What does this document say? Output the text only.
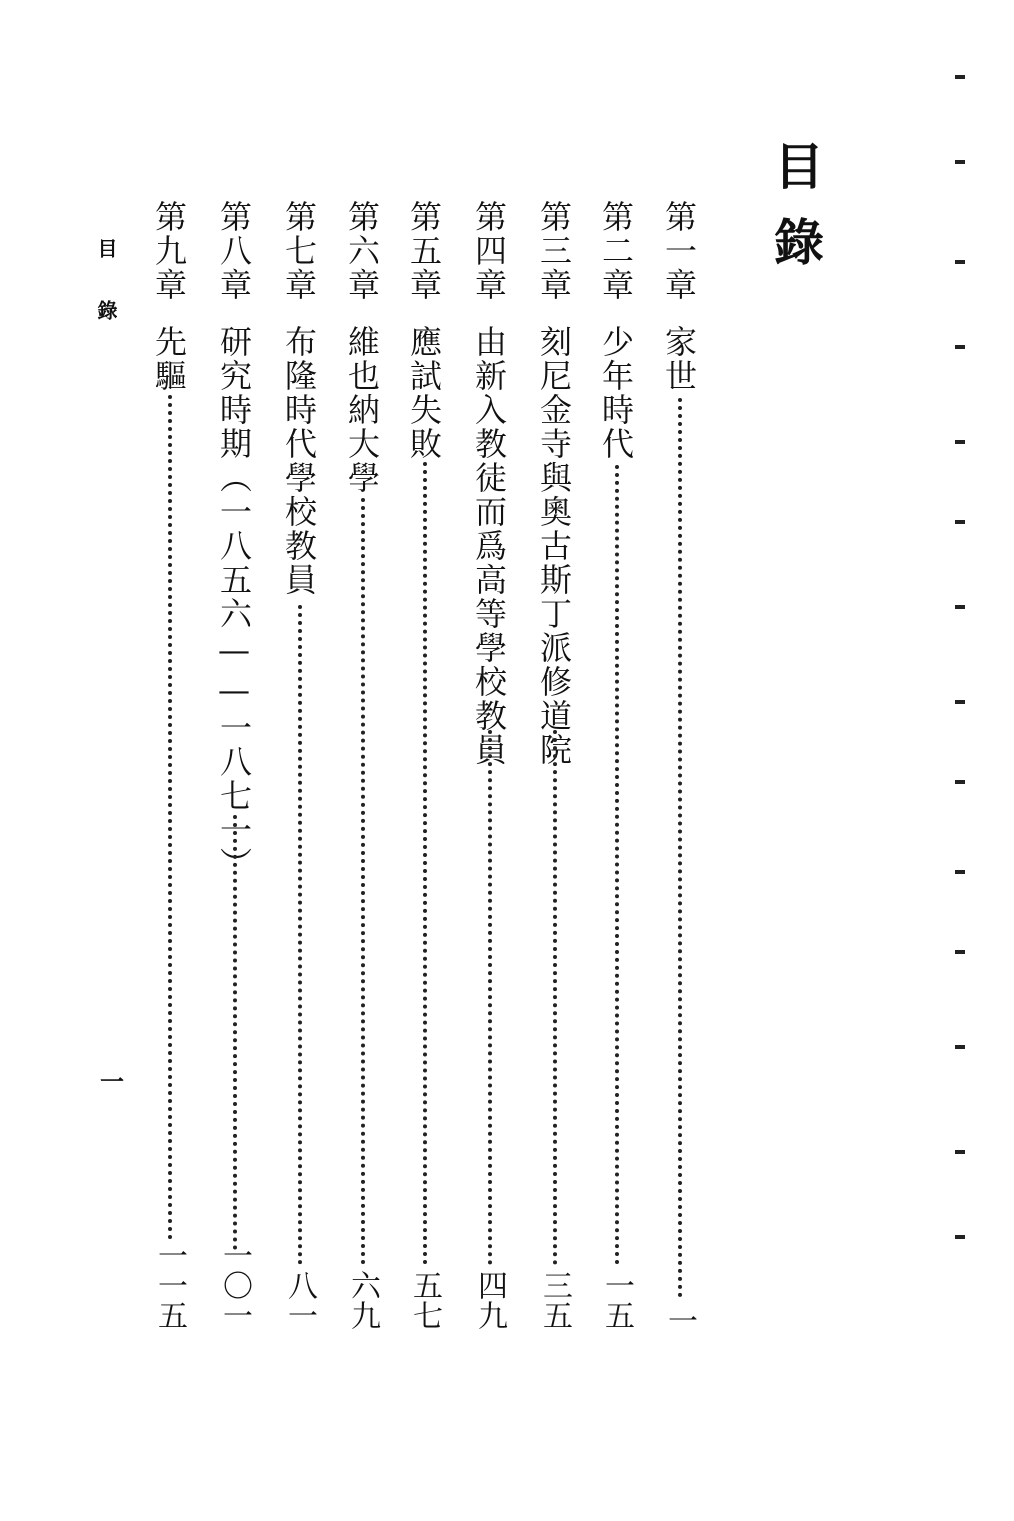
目錄
第一章
家世
一
第二章
少年時代
一五
第三章
刻尼金寺與奧古斯丁派修道院
三五
第四章
由新入教徒而爲高等學校教員
四九
第五章
應試失敗
五七
第六章
維也納大學
六九
第七章
布隆時代學校教員
八一
第八章
研究時期（一八五六——一八七一）
一〇一
第九章
先驅
一一五
目錄
一
